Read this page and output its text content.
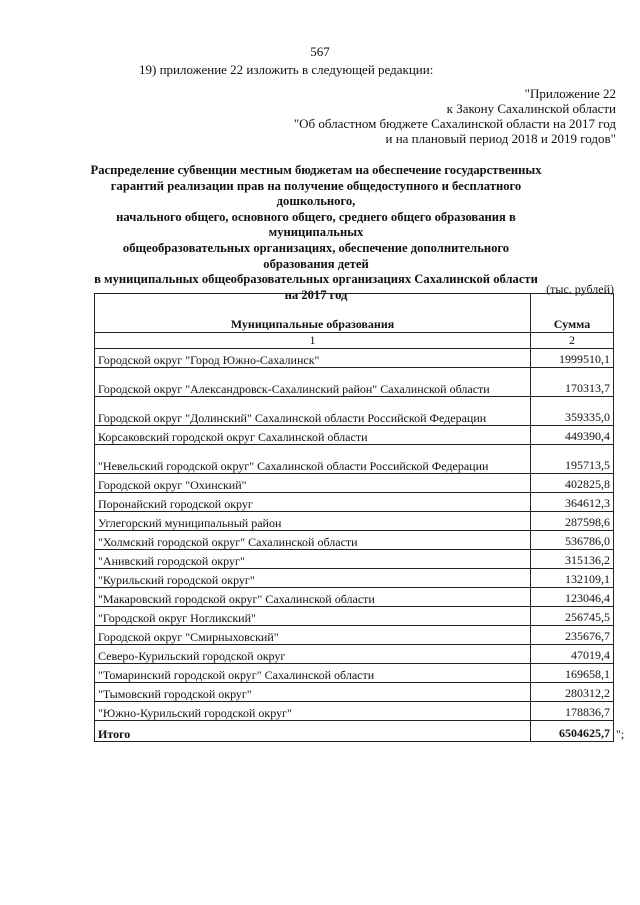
567
19) приложение 22 изложить в следующей редакции:
"Приложение 22
к Закону Сахалинской области
"Об областном бюджете Сахалинской области на 2017 год
и на плановый период 2018 и 2019 годов"
Распределение субвенции местным бюджетам на обеспечение государственных
гарантий реализации прав на получение общедоступного и бесплатного дошкольного,
начального общего, основного общего, среднего общего образования в муниципальных
общеобразовательных организациях, обеспечение дополнительного образования детей
в муниципальных общеобразовательных организациях Сахалинской области
на 2017 год	(тыс. рублей)
Муниципальные образования	Сумма
1	2
Городской округ "Город Южно-Сахалинск"	1999510,1
Городской округ "Александровск-Сахалинский район" Сахалинской области	170313,7
Городской округ "Долинский" Сахалинской области Российской Федерации	359335,0
Корсаковский городской округ Сахалинской области	449390,4
"Невельский городской округ" Сахалинской области Российской Федерации	195713,5
Городской округ "Охинский"	402825,8
Поронайский городской округ	364612,3
Углегорский муниципальный район	287598,6
"Холмский городской округ" Сахалинской области	536786,0
"Анивский городской округ"	315136,2
"Курильский городской округ"	132109,1
"Макаровский городской округ" Сахалинской области	123046,4
"Городской округ Ногликский"	256745,5
Городской округ "Смирныховский"	235676,7
Северо-Курильский городской округ	47019,4
"Томаринский городской округ" Сахалинской области	169658,1
"Тымовский городской округ"	280312,2
"Южно-Курильский городской округ"	178836,7
Итого	6504625,7 ";
